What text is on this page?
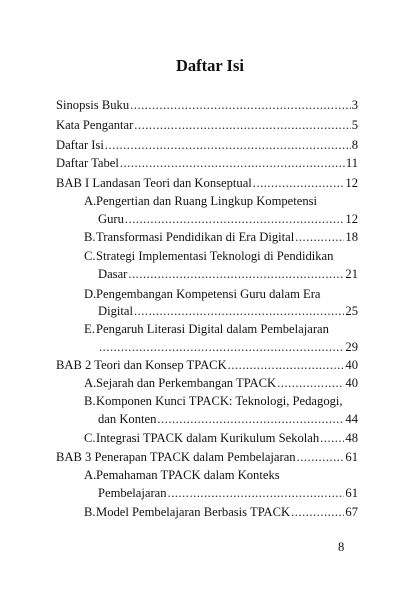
Daftar Isi
Sinopsis Buku .....	3
Kata Pengantar .....	5
Daftar Isi .....	8
Daftar Tabel .....	11
BAB I Landasan Teori dan Konseptual .....	12
A.Pengertian dan Ruang Lingkup Kompetensi
Guru .....	12
B.Transformasi Pendidikan di Era Digital .....	18
C.Strategi Implementasi Teknologi di Pendidikan
Dasar .....	21
D.Pengembangan Kompetensi Guru dalam Era
Digital .....	25
E.Pengaruh Literasi Digital dalam Pembelajaran
.....
29
BAB 2 Teori dan Konsep TPACK .....	40
A.Sejarah dan Perkembangan TPACK .....	40
B.Komponen Kunci TPACK: Teknologi, Pedagogi,
dan Konten .....	44
C.Integrasi TPACK dalam Kurikulum Sekolah ..... 48
BAB 3 Penerapan TPACK dalam Pembelajaran .....	61
A.Pemahaman TPACK dalam Konteks
Pembelajaran .....	61
B.Model Pembelajaran Berbasis TPACK .....	67
8
